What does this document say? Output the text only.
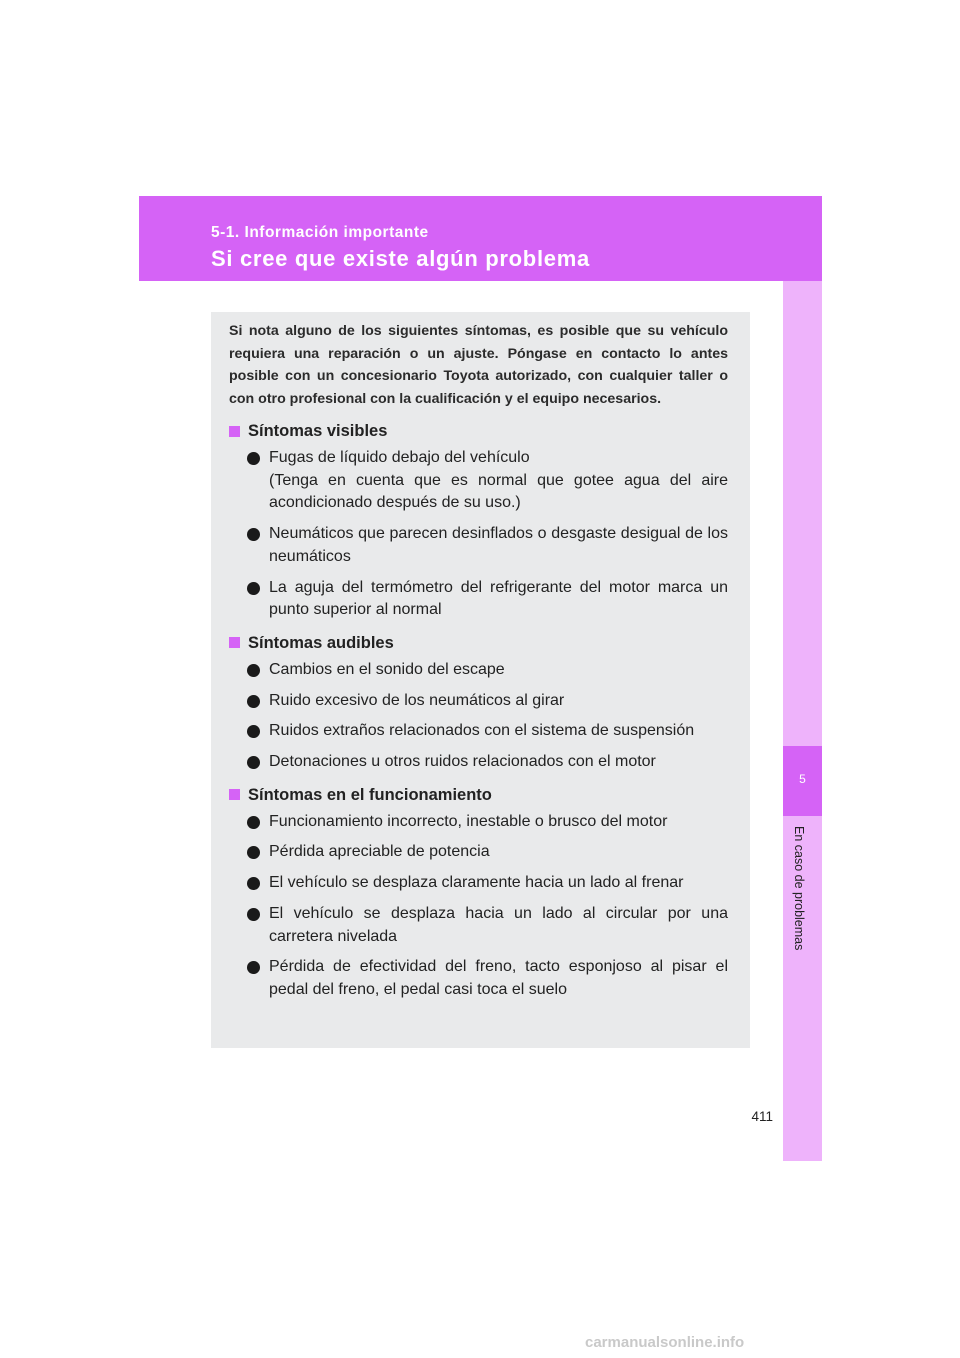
5-1. Información importante
Si cree que existe algún problema
5
En caso de problemas

Si nota alguno de los siguientes síntomas, es posible que su vehículo requiera una reparación o un ajuste. Póngase en contacto lo antes posible con un concesionario Toyota autorizado, con cualquier taller o con otro profesional con la cualificación y el equipo necesarios.

Síntomas visibles
Fugas de líquido debajo del vehículo
(Tenga en cuenta que es normal que gotee agua del aire acondicionado después de su uso.)
Neumáticos que parecen desinflados o desgaste desigual de los neumáticos
La aguja del termómetro del refrigerante del motor marca un punto superior al normal
Síntomas audibles
Cambios en el sonido del escape
Ruido excesivo de los neumáticos al girar
Ruidos extraños relacionados con el sistema de suspensión
Detonaciones u otros ruidos relacionados con el motor
Síntomas en el funcionamiento
Funcionamiento incorrecto, inestable o brusco del motor
Pérdida apreciable de potencia
El vehículo se desplaza claramente hacia un lado al frenar
El vehículo se desplaza hacia un lado al circular por una carretera nivelada
Pérdida de efectividad del freno, tacto esponjoso al pisar el pedal del freno, el pedal casi toca el suelo
411
carmanualsonline.info
